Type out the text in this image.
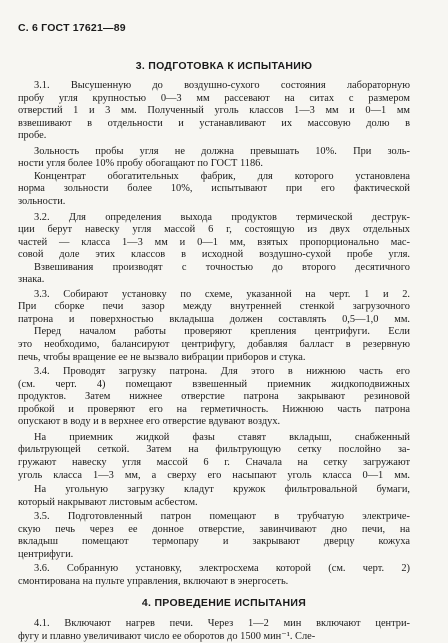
С. 6 ГОСТ 17621—89
3. ПОДГОТОВКА К ИСПЫТАНИЮ
3.1. Высушенную до воздушно-сухого состояния лабораторную
пробу угля крупностью 0—3 мм рассевают на ситах с размером
отверстий 1 и 3 мм. Полученный уголь классов 1—3 мм и 0—1 мм
взвешивают в отдельности и устанавливают их массовую долю в
пробе.
Зольность пробы угля не должна превышать 10%. При золь-
ности угля более 10% пробу обогащают по ГОСТ 1186.
Концентрат обогатительных фабрик, для которого установлена
норма зольности более 10%, испытывают при его фактической
зольности.
3.2. Для определения выхода продуктов термической деструк-
ции берут навеску угля массой 6 г, состоящую из двух отдельных
частей — класса 1—3 мм и 0—1 мм, взятых пропорционально мас-
совой доле этих классов в исходной воздушно-сухой пробе угля.
Взвешивания производят с точностью до второго десятичного
знака.
3.3. Собирают установку по схеме, указанной на черт. 1 и 2.
При сборке печи зазор между внутренней стенкой загрузочного
патрона и поверхностью вкладыша должен составлять 0,5—1,0 мм.
Перед началом работы проверяют крепления центрифуги. Если
это необходимо, балансируют центрифугу, добавляя балласт в резервную
печь, чтобы вращение ее не вызвало вибрации приборов и стука.
3.4. Проводят загрузку патрона. Для этого в нижнюю часть его
(см. черт. 4) помещают взвешенный приемник жидкоподвижных
продуктов. Затем нижнее отверстие патрона закрывают резиновой
пробкой и проверяют его на герметичность. Нижнюю часть патрона
опускают в воду и в верхнее его отверстие вдувают воздух.
На приемник жидкой фазы ставят вкладыш, снабженный
фильтрующей сеткой. Затем на фильтрующую сетку послойно за-
гружают навеску угля массой 6 г. Сначала на сетку загружают
уголь класса 1—3 мм, а сверху его насыпают уголь класса 0—1 мм.
На угольную загрузку кладут кружок фильтровальной бумаги,
который накрывают листовым асбестом.
3.5. Подготовленный патрон помещают в трубчатую электриче-
скую печь через ее донное отверстие, завинчивают дно печи, на
вкладыш помещают термопару и закрывают дверцу кожуха
центрифуги.
3.6. Собранную установку, электросхема которой (см. черт. 2)
смонтирована на пульте управления, включают в энергосеть.
4. ПРОВЕДЕНИЕ ИСПЫТАНИЯ
4.1. Включают нагрев печи. Через 1—2 мин включают центри-
фугу и плавно увеличивают число ее оборотов до 1500 мин⁻¹. Сле-
